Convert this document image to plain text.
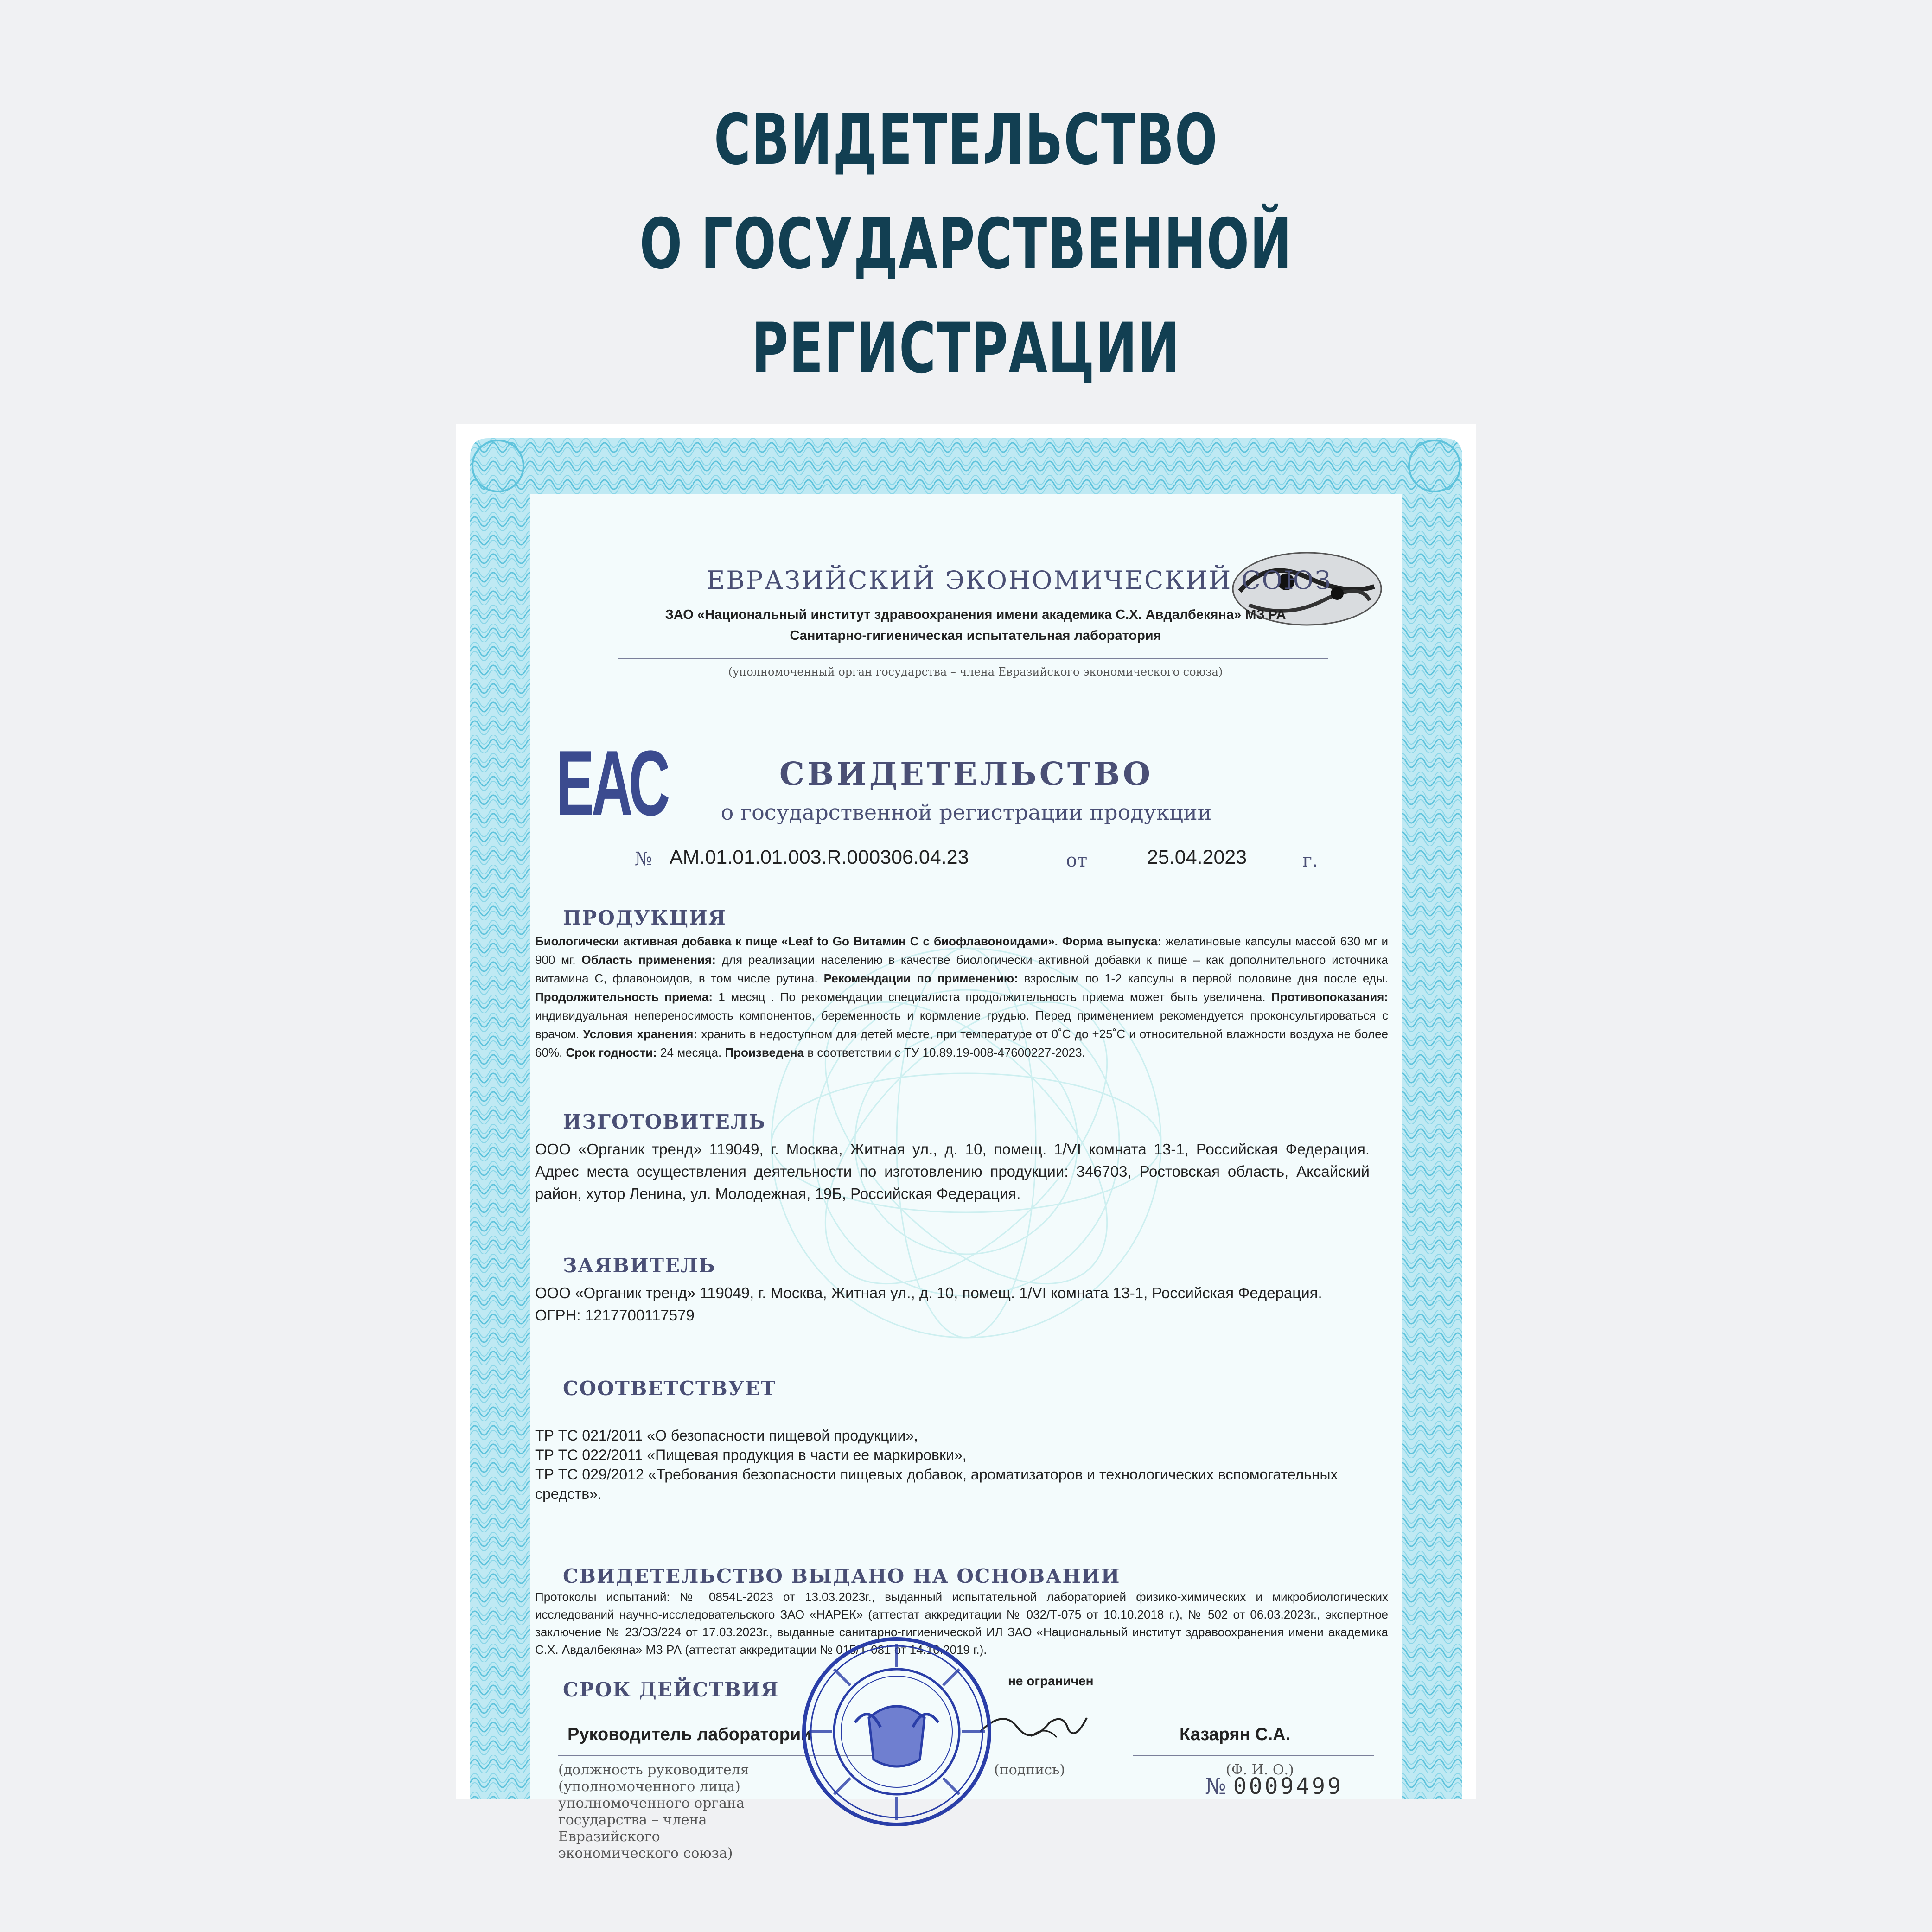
СВИДЕТЕЛЬСТВО
О ГОСУДАРСТВЕННОЙ
РЕГИСТРАЦИИ
ЕВРАЗИЙСКИЙ ЭКОНОМИЧЕСКИЙ СОЮЗ
ЗАО «Национальный институт здравоохранения имени академика С.Х. Авдалбекяна» МЗ РА
Санитарно-гигиеническая испытательная лаборатория
(уполномоченный орган государства – члена Евразийского экономического союза)
ЕАС	СВИДЕТЕЛЬСТВО
о государственной регистрации продукции
№ AM.01.01.01.003.R.000306.04.23	от	25.04.2023	г.
ПРОДУКЦИЯ
Биологически активная добавка к пище «Leaf to Go Витамин С с биофлавоноидами». Форма выпуска: желатиновые капсулы массой 630 мг и 900 мг. Область применения: для реализации населению в качестве биологически активной добавки к пище – как дополнительного источника витамина С, флавоноидов, в том числе рутина. Рекомендации по применению: взрослым по 1-2 капсулы в первой половине дня после еды. Продолжительность приема: 1 месяц . По рекомендации специалиста продолжительность приема может быть увеличена. Противопоказания: индивидуальная непереносимость компонентов, беременность и кормление грудью. Перед применением рекомендуется проконсультироваться с врачом. Условия хранения: хранить в недоступном для детей месте, при температуре от 0˚С до +25˚С и относительной влажности воздуха не более 60%. Срок годности: 24 месяца. Произведена в соответствии с ТУ 10.89.19-008-47600227-2023.
ИЗГОТОВИТЕЛЬ
ООО «Органик тренд» 119049, г. Москва, Житная ул., д. 10, помещ. 1/VI комната 13-1, Российская Федерация. Адрес места осуществления деятельности по изготовлению продукции: 346703, Ростовская область, Аксайский район, хутор Ленина, ул. Молодежная, 19Б, Российская Федерация.
ЗАЯВИТЕЛЬ
ООО «Органик тренд» 119049, г. Москва, Житная ул., д. 10, помещ. 1/VI комната 13-1, Российская Федерация.
ОГРН: 1217700117579
СООТВЕТСТВУЕТ
ТР ТС 021/2011 «О безопасности пищевой продукции»,
ТР ТС 022/2011 «Пищевая продукция в части ее маркировки»,
ТР ТС 029/2012 «Требования безопасности пищевых добавок, ароматизаторов и технологических вспомогательных средств».
СВИДЕТЕЛЬСТВО ВЫДАНО НА ОСНОВАНИИ
Протоколы испытаний: № 0854L-2023 от 13.03.2023г., выданный испытательной лабораторией физико-химических и микробиологических исследований научно-исследовательского ЗАО «НАРЕК» (аттестат аккредитации № 032/Т-075 от 10.10.2018 г.), № 502 от 06.03.2023г., экспертное заключение № 23/ЭЗ/224 от 17.03.2023г., выданные санитарно-гигиенической ИЛ ЗАО «Национальный институт здравоохранения имени академика С.Х. Авдалбекяна» МЗ РА (аттестат аккредитации № 015/Т-081 от 14.10.2019 г.).
СРОК ДЕЙСТВИЯ	не ограничен
Руководитель лаборатории	Казарян С.А.
(должность руководителя (уполномоченного лица) уполномоченного органа государства – члена Евразийского экономического союза)
(подпись)	(Ф. И. О.)
№ 0009499
